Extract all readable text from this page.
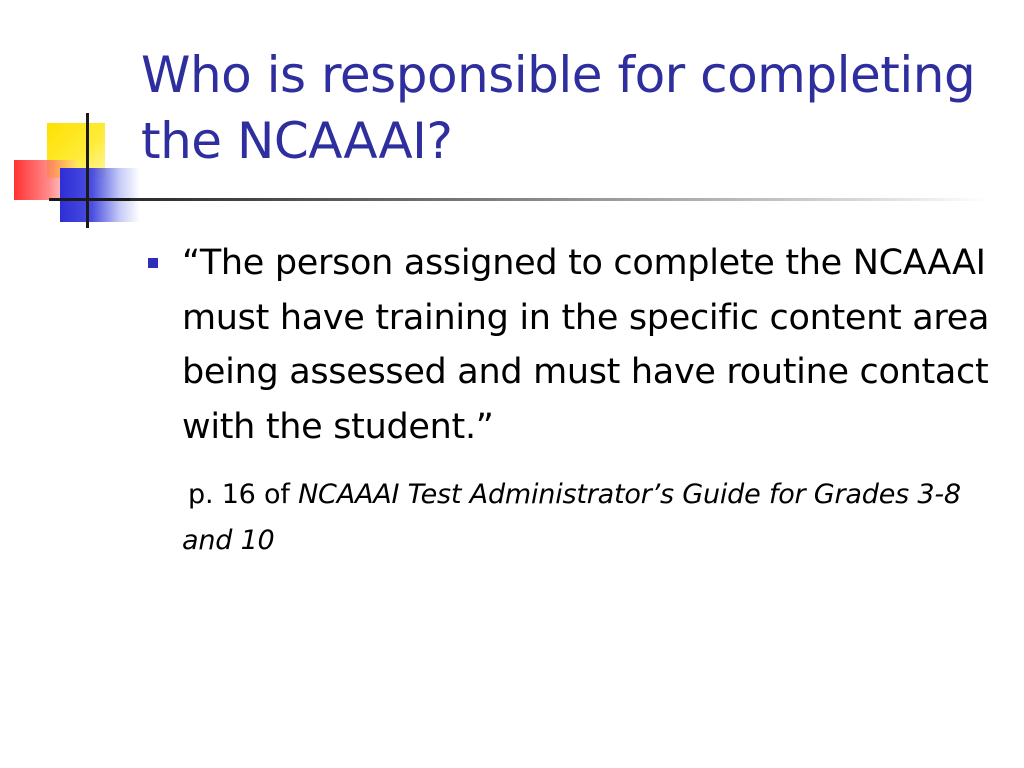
Who is responsible for completing the NCAAAI?

“The person assigned to complete the NCAAAI must have training in the specific content area being assessed and must have routine contact with the student.”

p. 16 of NCAAAI Test Administrator’s Guide for Grades 3-8 and 10
